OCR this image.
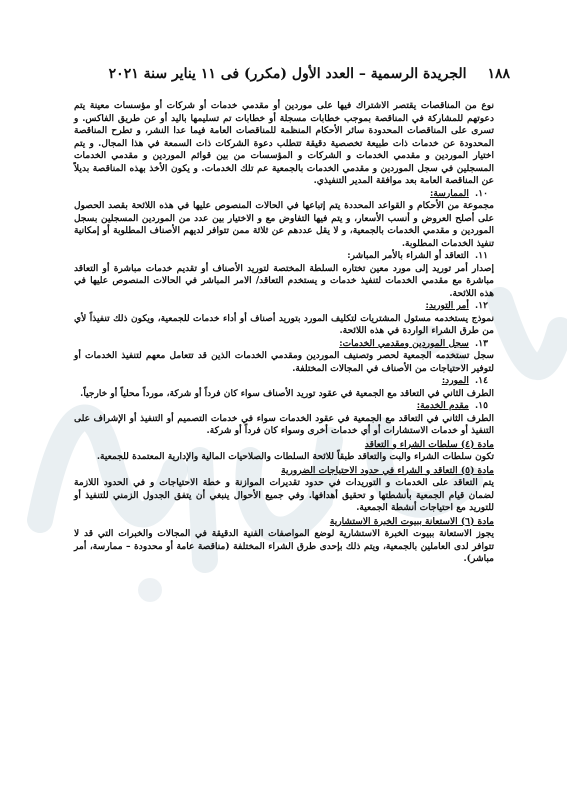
١٨٨ الجريدة الرسمية – العدد الأول (مكرر) فى ١١ يناير سنة ٢٠٢١

نوع من المناقصات يقتصر الاشتراك فيها على موردين أو مقدمي خدمات أو شركات أو مؤسسات معينة يتم دعوتهم للمشاركة في المناقصة بموجب خطابات مسجلة أو خطابات تم تسليمها باليد أو عن طريق الفاكس. و تسرى على المناقصات المحدودة سائر الأحكام المنظمة للمناقصات العامة فيما عدا النشر، و تطرح المناقصة المحدودة عن خدمات ذات طبيعة تخصصية دقيقة تتطلب دعوة الشركات ذات السمعة في هذا المجال. و يتم اختيار الموردين و مقدمي الخدمات و الشركات و المؤسسات من بين قوائم الموردين و مقدمي الخدمات المسجلين في سجل الموردين و مقدمي الخدمات بالجمعية عم تلك الخدمات. و يكون الأخذ بهذه المناقصة بديلاً عن المناقصة العامة بعد موافقة المدير التنفيذي.

١٠. الممارسة:

مجموعة من الأحكام و القواعد المحددة يتم إتباعها في الحالات المنصوص عليها في هذه اللائحة بقصد الحصول على أصلح العروض و أنسب الأسعار، و يتم فيها التفاوض مع و الاختيار بين عدد من الموردين المسجلين بسجل الموردين و مقدمي الخدمات بالجمعية، و لا يقل عددهم عن ثلاثة ممن تتوافر لديهم الأصناف المطلوبة أو إمكانية تنفيذ الخدمات المطلوبة.

١١. التعاقد أو الشراء بالأمر المباشر:

إصدار أمر توريد إلى مورد معين تختاره السلطة المختصة لتوريد الأصناف أو تقديم خدمات مباشرة أو التعاقد مباشرة مع مقدمي الخدمات لتنفيذ خدمات و يستخدم التعاقد/ الامر المباشر في الحالات المنصوص عليها في هذه اللائحة.

١٢. أمر التوريد:

نموذج يستخدمه مسئول المشتريات لتكليف المورد بتوريد أصناف أو أداء خدمات للجمعية، ويكون ذلك تنفيذاً لأي من طرق الشراء الواردة في هذه اللائحة.

١٣. سجل الموردين ومقدمي الخدمات:

سجل تستخدمه الجمعية لحصر وتصنيف الموردين ومقدمي الخدمات الذين قد تتعامل معهم لتنفيذ الخدمات أو لتوفير الاحتياجات من الأصناف في المجالات المختلفة.

١٤. المورد:

الطرف الثاني في التعاقد مع الجمعية في عقود توريد الأصناف سواء كان فرداً أو شركة، مورداً محلياً أو خارجياً.

١٥. مقدم الخدمة:

الطرف الثاني في التعاقد مع الجمعية في عقود الخدمات سواء في خدمات التصميم أو التنفيذ أو الإشراف على التنفيذ أو خدمات الاستشارات أو أي خدمات أخرى وسواء كان فرداً أو شركة.

مادة (٤) سلطات الشراء و التعاقد

تكون سلطات الشراء والبت والتعاقد طبقاً للائحة السلطات والصلاحيات المالية والإدارية المعتمدة للجمعية.

مادة (٥) التعاقد و الشراء في حدود الاحتياجات الضرورية

يتم التعاقد على الخدمات و التوريدات في حدود تقديرات الموازنة و خطة الاحتياجات و في الحدود اللازمة لضمان قيام الجمعية بأنشطتها و تحقيق أهدافها. وفي جميع الأحوال ينبغي أن يتفق الجدول الزمني للتنفيذ أو للتوريد مع احتياجات أنشطة الجمعية.

مادة (٦) الاستعانة ببيوت الخبرة الاستشارية

يجوز الاستعانة ببيوت الخبرة الاستشارية لوضع المواصفات الفنية الدقيقة في المجالات والخبرات التي قد لا تتوافر لدى العاملين بالجمعية، ويتم ذلك بإحدى طرق الشراء المختلفة (مناقصة عامة أو محدودة – ممارسة، أمر مباشر).
